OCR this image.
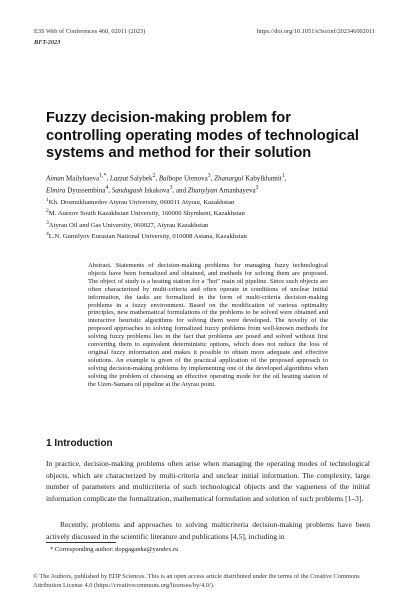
E3S Web of Conferences 460, 02011 (2023)	https://doi.org/10.1051/e3sconf/202346002011
BFT-2023
Fuzzy decision-making problem for controlling operating modes of technological systems and method for their solution
Aiman Mailybaeva$^{1,*}$, Lazzat Salybek$^2$, Balbope Utenova$^3$, Zhanargul Kabylkhamit$^1$,
Elmira Dyussembina$^4$, Sandugash Iskakova$^3$, and Zhanylyan Amanbayeva$^3$
$^1$Kh. Dosmukhamedov Atyrau University, 060011 Atyrau, Kazakhstan
$^2$M. Auezov South Kazakhstan University, 160000 Shymkent, Kazakhstan
$^3$Atyrau Oil and Gas University, 060027, Atyrau Kazakhstan
$^4$L.N. Gumilyov Eurasian National University, 010008 Astana, Kazakhstan

Abstract. Statements of decision-making problems for managing fuzzy technological objects have been formalized and obtained, and methods for solving them are proposed. The object of study is a heating station for a "hot" main oil pipeline. Since such objects are often characterized by multi-criteria and often operate in conditions of unclear initial information, the tasks are formalized in the form of multi-criteria decision-making problems in a fuzzy environment. Based on the modification of various optimality principles, new mathematical formulations of the problems to be solved were obtained and interactive heuristic algorithms for solving them were developed. The novelty of the proposed approaches to solving formalized fuzzy problems from well-known methods for solving fuzzy problems lies in the fact that problems are posed and solved without first converting them to equivalent deterministic options, which does not reduce the loss of original fuzzy information and makes it possible to obtain more adequate and effective solutions. An example is given of the practical application of the proposed approach to solving decision-making problems by implementing one of the developed algorithms when solving the problem of choosing an effective operating mode for the oil heating station of the Uzen-Samara oil pipeline at the Atyrau point.

1 Introduction

In practice, decision-making problems often arise when managing the operating modes of technological objects, which are characterized by multi-criteria and unclear initial information. The complexity, large number of parameters and multicriteria of such technological objects and the vagueness of the initial information complicate the formalization, mathematical formulation and solution of such problems [1–3].

Recently, problems and approaches to solving multicriteria decision-making problems have been actively discussed in the scientific literature and publications [4,5], including in

* Corresponding author: dopgaganka@yandex.ru
© The Authors, published by EDP Sciences. This is an open access article distributed under the terms of the Creative Commons Attribution License 4.0 (https://creativecommons.org/licenses/by/4.0/).
